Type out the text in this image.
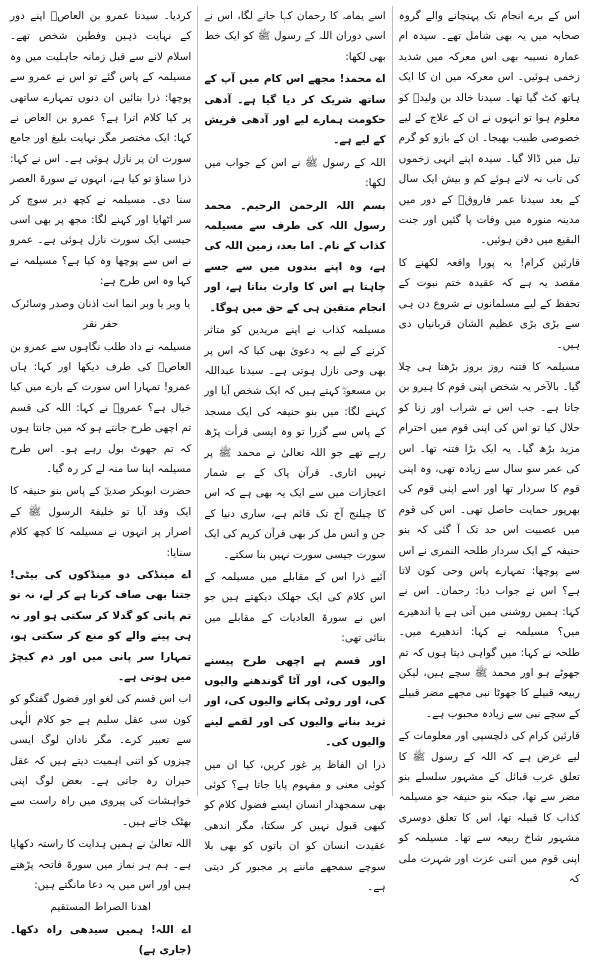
کردیا۔ سیدنا عمرو بن العاصؓ اپنے دور کے نہایت ذہین وفطین شخص تھے۔ اسلام لانے سے قبل زمانہ جاہلیت میں وہ مسیلمہ کے پاس گئے تو اس نے عمرو سے پوچھا: ذرا بتائیں ان دنوں تمہارے ساتھی پر کیا کلام اترا ہے؟ عمرو بن العاص نے کہا: ایک مختصر مگر نہایت بلیغ اور جامع سورت ان پر نازل ہوئی ہے۔ اس نے کہا: ذرا سناؤ تو کیا ہے، انہوں نے سورۃ العصر سنا دی۔ مسیلمہ نے کچھ دیر سوچ کر سر اٹھایا اور کہنے لگا: مجھ پر بھی اسی جیسی ایک سورت نازل ہوئی ہے۔ عمرو نے اس سے پوچھا وہ کیا ہے؟ مسیلمہ نے کہا وہ اس طرح ہے:

یا وبر یا وبر انما انت اذنان وصدر وسائرک حفر نقر

مسیلمہ نے داد طلب نگاہوں سے عمرو بن العاصؓ کی طرف دیکھا اور کہا: ہاں عمرو! تمہارا اس سورت کے بارے میں کیا خیال ہے؟ عمروؓ نے کہا: اللہ کی قسم تم اچھی طرح جانتے ہو کہ میں جانتا ہوں کہ تم جھوٹ بول رہے ہو۔ اس طرح مسیلمہ اپنا سا منہ لے کر رہ گیا۔

حضرت ابوبکر صدیقؓ کے پاس بنو حنیفہ کا ایک وفد آیا تو خلیفۃ الرسول ﷺ کے اصرار پر انہوں نے مسیلمہ کا کچھ کلام سنایا:

اے مینڈکی دو مینڈکوں کی بیٹی! جتنا بھی صاف کرنا ہے کر لے، نہ تو تم پانی کو گدلا کر سکتی ہو اور نہ ہی پینے والے کو منع کر سکتی ہو، تمہارا سر پانی میں اور دم کیچڑ میں ہوتی ہے۔

اب اس قسم کی لغو اور فضول گفتگو کو کون سی عقل سلیم ہے جو کلام الٰہی سے تعبیر کرے۔ مگر نادان لوگ ایسی چیزوں کو اتنی اہمیت دیتے ہیں کہ عقل حیران رہ جاتی ہے۔ بعض لوگ اپنی خواہشات کی پیروی میں راہ راست سے بھٹک جاتے ہیں۔

اللہ تعالیٰ نے ہمیں ہدایت کا راستہ دکھایا ہے۔ ہم ہر نماز میں سورۃ فاتحہ پڑھتے ہیں اور اس میں یہ دعا مانگتے ہیں:

اهدنا الصراط المستقيم

اے اللہ! ہمیں سیدھی راہ دکھا۔ (جاری ہے)

اسے یمامہ کا رحمان کہا جانے لگا، اس نے اسی دوران اللہ کے رسول ﷺ کو ایک خط بھی لکھا:

اے محمد! مجھے اس کام میں آپ کے ساتھ شریک کر دیا گیا ہے۔ آدھی حکومت ہمارے لیے اور آدھی قریش کے لیے ہے۔

اللہ کے رسول ﷺ نے اس کے جواب میں لکھا:

بسم اللہ الرحمن الرحیم۔ محمد رسول اللہ کی طرف سے مسیلمہ کذاب کے نام۔ اما بعد، زمین اللہ کی ہے، وہ اپنے بندوں میں سے جسے چاہتا ہے اس کا وارث بناتا ہے، اور انجام متقین ہی کے حق میں ہوگا۔

مسیلمہ کذاب نے اپنے مریدین کو متاثر کرنے کے لیے یہ دعویٰ بھی کیا کہ اس پر بھی وحی نازل ہوتی ہے۔ سیدنا عبداللہ بن مسعودؓ کہتے ہیں کہ ایک شخص آیا اور کہنے لگا: میں بنو حنیفہ کی ایک مسجد کے پاس سے گزرا تو وہ ایسی قرأت پڑھ رہے تھے جو اللہ تعالیٰ نے محمد ﷺ پر نہیں اتاری۔ قرآن پاک کے بے شمار اعجازات میں سے ایک یہ بھی ہے کہ اس کا چیلنج آج تک قائم ہے، ساری دنیا کے جن و انس مل کر بھی قرآن کریم کی ایک سورت جیسی سورت نہیں بنا سکتے۔

آئیے ذرا اس کے مقابلے میں مسیلمہ کے اس کلام کی ایک جھلک دیکھتے ہیں جو اس نے سورۃ العادیات کے مقابلے میں بنائی تھی:

اور قسم ہے اچھی طرح پیسنے والیوں کی، اور آٹا گوندھنے والیوں کی، اور روٹی پکانے والیوں کی، اور ثرید بنانے والیوں کی اور لقمے لینے والیوں کی۔

ذرا ان الفاظ پر غور کریں، کیا ان میں کوئی معنی و مفہوم پایا جاتا ہے؟ کوئی بھی سمجھدار انسان ایسے فضول کلام کو کبھی قبول نہیں کر سکتا، مگر اندھی عقیدت انسان کو ان باتوں کو بھی بلا سوچے سمجھے ماننے پر مجبور کر دیتی ہے۔

اس کے برے انجام تک پہنچانے والے گروہ صحابہ میں یہ بھی شامل تھے۔ سیدہ ام عمارہ نسیبہ بھی اس معرکہ میں شدید زخمی ہوئیں۔ اس معرکہ میں ان کا ایک ہاتھ کٹ گیا تھا۔ سیدنا خالد بن ولیدؓ کو معلوم ہوا تو انہوں نے ان کے علاج کے لیے خصوصی طبیب بھیجا۔ ان کے بازو کو گرم تیل میں ڈالا گیا۔ سیدہ اپنے انہی زخموں کی تاب نہ لاتے ہوئے کم و بیش ایک سال کے بعد سیدنا عمر فاروقؓ کے دور میں مدینہ منورہ میں وفات پا گئیں اور جنت البقیع میں دفن ہوئیں۔

قارئین کرام! یہ پورا واقعہ لکھنے کا مقصد یہ ہے کہ عقیدہ ختم نبوت کے تحفظ کے لیے مسلمانوں نے شروع دن ہی سے بڑی بڑی عظیم الشان قربانیاں دی ہیں۔

مسیلمہ کا فتنہ روز بروز بڑھتا ہی چلا گیا۔ بالآخر یہ شخص اپنی قوم کا ہیرو بن جاتا ہے۔ جب اس نے شراب اور زنا کو حلال کیا تو اس کی اپنی قوم میں احترام مزید بڑھ گیا۔ یہ ایک بڑا فتنہ تھا۔ اس کی عمر سو سال سے زیادہ تھی، وہ اپنی قوم کا سردار تھا اور اسے اپنی قوم کی بھرپور حمایت حاصل تھی۔ اس کی قوم میں عصبیت اس حد تک آ گئی کہ بنو حنیفہ کے ایک سردار طلحہ النمری نے اس سے پوچھا: تمہارے پاس وحی کون لاتا ہے؟ اس نے جواب دیا: رحمان۔ اس نے کہا: ہمیں روشنی میں آتی ہے یا اندھیرے میں؟ مسیلمہ نے کہا: اندھیرے میں۔ طلحہ نے کہا: میں گواہی دیتا ہوں کہ تم جھوٹے ہو اور محمد ﷺ سچے ہیں، لیکن ربیعہ قبیلے کا جھوٹا نبی مجھے مضر قبیلے کے سچے نبی سے زیادہ محبوب ہے۔

قارئین کرام کی دلچسپی اور معلومات کے لیے عرض ہے کہ اللہ کے رسول ﷺ کا تعلق عرب قبائل کے مشہور سلسلے بنو مضر سے تھا، جبکہ بنو حنیفہ جو مسیلمہ کذاب کا قبیلہ تھا، اس کا تعلق دوسری مشہور شاخ ربیعہ سے تھا۔ مسیلمہ کو اپنی قوم میں اتنی عزت اور شہرت ملی کہ
